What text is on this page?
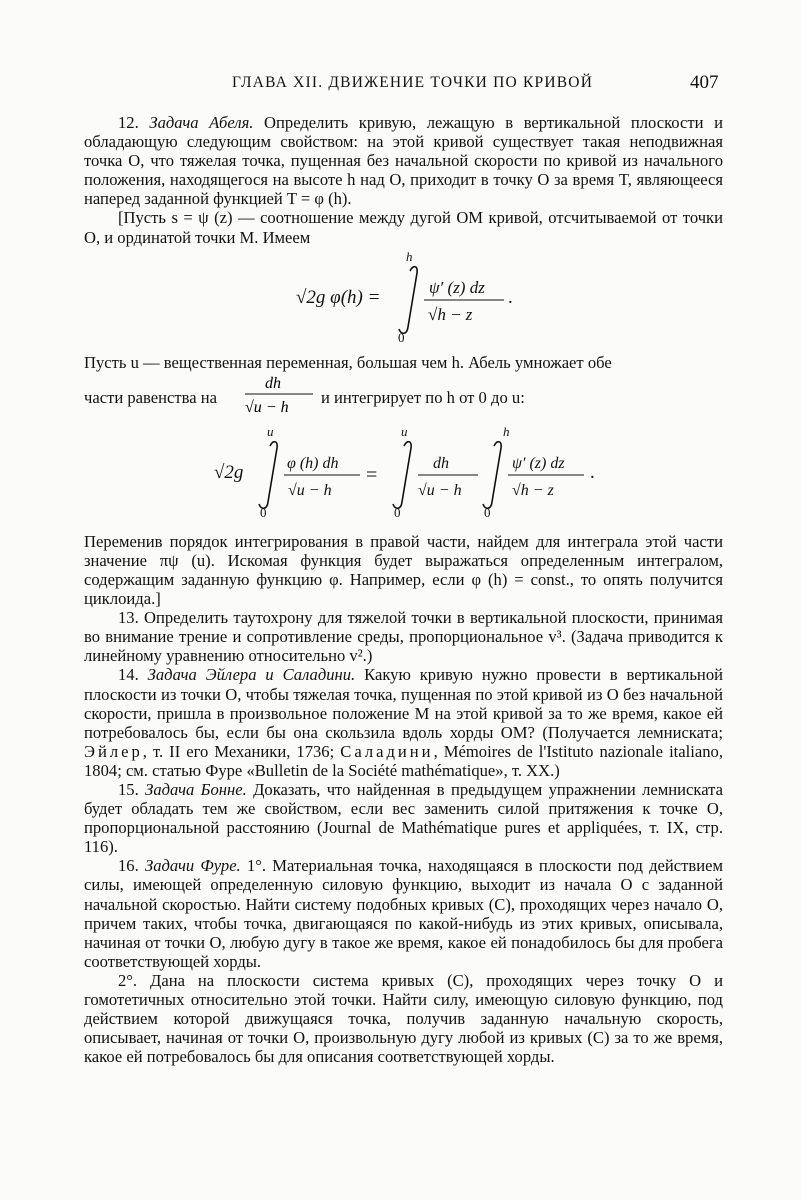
ГЛАВА XII. ДВИЖЕНИЕ ТОЧКИ ПО КРИВОЙ	407

12. Задача Абеля. Определить кривую, лежащую в вертикальной плоскости и обладающую следующим свойством: на этой кривой существует такая неподвижная точка O, что тяжелая точка, пущенная без начальной скорости по кривой из начального положения, находящегося на высоте h над O, приходит в точку O за время T, являющееся наперед заданной функцией T = φ (h).

[Пусть s = ψ (z) — соотношение между дугой OM кривой, отсчитываемой от точки O, и ординатой точки M. Имеем

√2g φ(h) =
h
0
ψ′ (z) dz
√h − z
.

Пусть u — вещественная переменная, большая чем h. Абель умножает обе

части равенства на
dh
√u − h
и интегрирует по h от 0 до u:
√2g
u
0
φ (h) dh
√u − h
=
u
0
dh
√u − h
h
0
ψ′ (z) dz
√h − z
.

Переменив порядок интегрирования в правой части, найдем для интеграла этой части значение πψ (u). Искомая функция будет выражаться определенным интегралом, содержащим заданную функцию φ. Например, если φ (h) = const., то опять получится циклоида.]

13. Определить таутохрону для тяжелой точки в вертикальной плоскости, принимая во внимание трение и сопротивление среды, пропорциональное v³. (Задача приводится к линейному уравнению относительно v².)

14. Задача Эйлера и Саладини. Какую кривую нужно провести в вертикальной плоскости из точки O, чтобы тяжелая точка, пущенная по этой кривой из O без начальной скорости, пришла в произвольное положение M на этой кривой за то же время, какое ей потребовалось бы, если бы она скользила вдоль хорды OM? (Получается лемниската; Эйлер, т. II его Механики, 1736; Саладини, Mémoires de l'Istituto nazionale italiano, 1804; см. статью Фуре «Bulletin de la Société mathématique», т. XX.)

15. Задача Бонне. Доказать, что найденная в предыдущем упражнении лемниската будет обладать тем же свойством, если вес заменить силой притяжения к точке O, пропорциональной расстоянию (Journal de Mathématique pures et appliquées, т. IX, стр. 116).

16. Задачи Фуре. 1°. Материальная точка, находящаяся в плоскости под действием силы, имеющей определенную силовую функцию, выходит из начала O с заданной начальной скоростью. Найти систему подобных кривых (C), проходящих через начало O, причем таких, чтобы точка, двигающаяся по какой-нибудь из этих кривых, описывала, начиная от точки O, любую дугу в такое же время, какое ей понадобилось бы для пробега соответствующей хорды.

2°. Дана на плоскости система кривых (C), проходящих через точку O и гомотетичных относительно этой точки. Найти силу, имеющую силовую функцию, под действием которой движущаяся точка, получив заданную начальную скорость, описывает, начиная от точки O, произвольную дугу любой из кривых (C) за то же время, какое ей потребовалось бы для описания соответствующей хорды.
